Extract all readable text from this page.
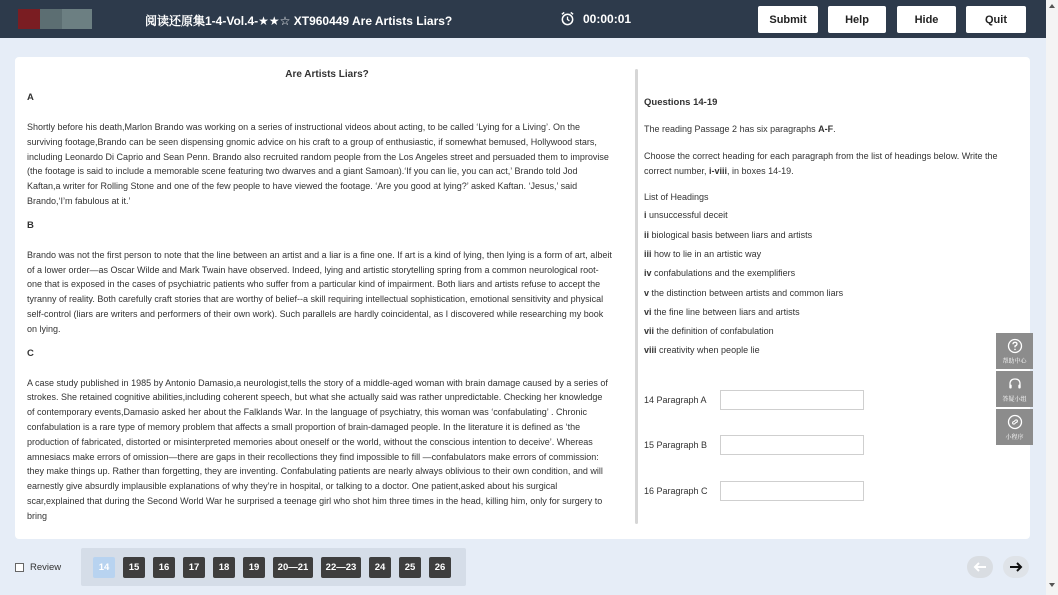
阅读还原集1-4-Vol.4-★★☆ XT960449 Are Artists Liars?	00:00:01	Submit	Help	Hide	Quit
Are Artists Liars?
A
Shortly before his death,Marlon Brando was working on a series of instructional videos about acting, to be called ‘Lying for a Living’. On the surviving footage,Brando can be seen dispensing gnomic advice on his craft to a group of enthusiastic, if somewhat bemused, Hollywood stars, including Leonardo Di Caprio and Sean Penn. Brando also recruited random people from the Los Angeles street and persuaded them to improvise (the footage is said to include a memorable scene featuring two dwarves and a giant Samoan).‘If you can lie, you can act,’ Brando told Jod Kaftan,a writer for Rolling Stone and one of the few people to have viewed the footage. ‘Are you good at lying?’ asked Kaftan. ‘Jesus,’ said Brando,‘I’m fabulous at it.’
B
Brando was not the first person to note that the line between an artist and a liar is a fine one. If art is a kind of lying, then lying is a form of art, albeit of a lower order—as Oscar Wilde and Mark Twain have observed. Indeed, lying and artistic storytelling spring from a common neurological root-one that is exposed in the cases of psychiatric patients who suffer from a particular kind of impairment. Both liars and artists refuse to accept the tyranny of reality. Both carefully craft stories that are worthy of belief--a skill requiring intellectual sophistication, emotional sensitivity and physical self-control (liars are writers and performers of their own work). Such parallels are hardly coincidental, as I discovered while researching my book on lying.
C
A case study published in 1985 by Antonio Damasio,a neurologist,tells the story of a middle-aged woman with brain damage caused by a series of strokes. She retained cognitive abilities,including coherent speech, but what she actually said was rather unpredictable. Checking her knowledge of contemporary events,Damasio asked her about the Falklands War. In the language of psychiatry, this woman was ‘confabulating’ . Chronic confabulation is a rare type of memory problem that affects a small proportion of brain-damaged people. In the literature it is defined as ‘the production of fabricated, distorted or misinterpreted memories about oneself or the world, without the conscious intention to deceive’. Whereas amnesiacs make errors of omission—there are gaps in their recollections they find impossible to fill —confabulators make errors of commission: they make things up. Rather than forgetting, they are inventing. Confabulating patients are nearly always oblivious to their own condition, and will earnestly give absurdly implausible explanations of why they’re in hospital, or talking to a doctor. One patient,asked about his surgical scar,explained that during the Second World War he surprised a teenage girl who shot him three times in the head, killing him, only for surgery to bring
Questions 14-19
The reading Passage 2 has six paragraphs A-F.
Choose the correct heading for each paragraph from the list of headings below. Write the correct number, i-viii, in boxes 14-19.
List of Headings
i unsuccessful deceit
ii biological basis between liars and artists
iii how to lie in an artistic way
iv confabulations and the exemplifiers
v the distinction between artists and common liars
vi the fine line between liars and artists
vii the definition of confabulation
viii creativity when people lie
14 Paragraph A
15 Paragraph B
16 Paragraph C
帮助中心
答疑小组
小程序
Review	14	15	16	17	18	19	20—21	22—23	24	25	26
